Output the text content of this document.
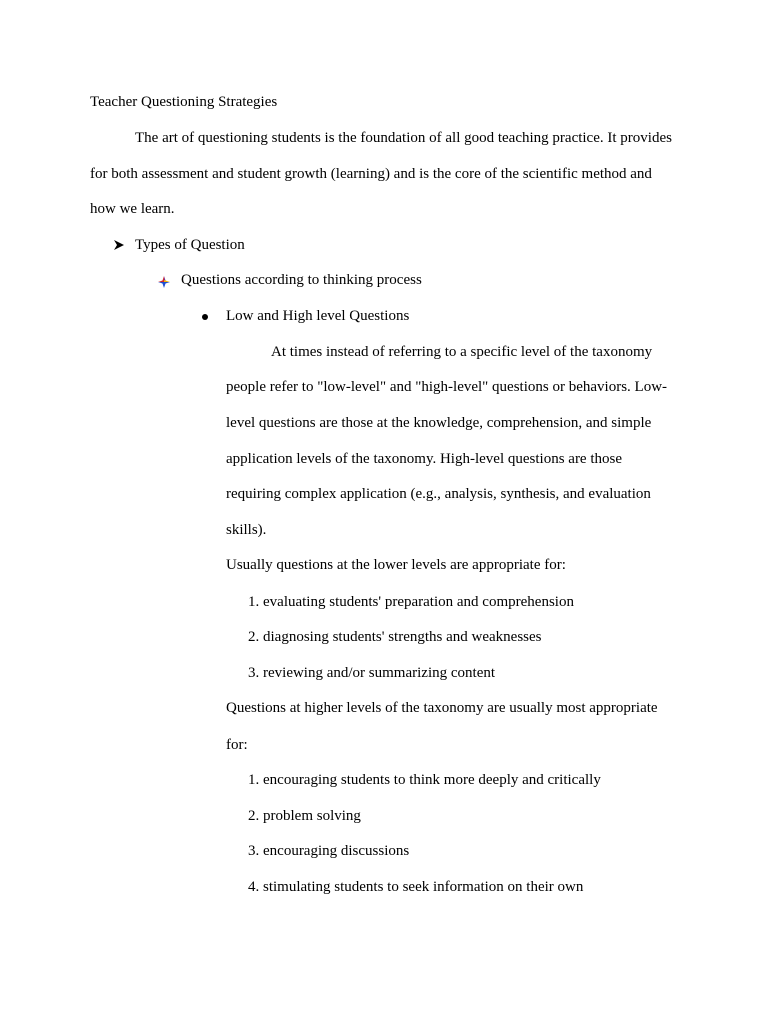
Teacher Questioning Strategies
The art of questioning students is the foundation of all good teaching practice. It provides
for both assessment and student growth (learning) and is the core of the scientific method and
how we learn.
Types of Question
Questions according to thinking process
Low and High level Questions
At times instead of referring to a specific level of the taxonomy
people refer to "low-level" and "high-level" questions or behaviors. Low-
level questions are those at the knowledge, comprehension, and simple
application levels of the taxonomy. High-level questions are those
requiring complex application (e.g., analysis, synthesis, and evaluation
skills).
Usually questions at the lower levels are appropriate for:
1. evaluating students' preparation and comprehension
2. diagnosing students' strengths and weaknesses
3. reviewing and/or summarizing content
Questions at higher levels of the taxonomy are usually most appropriate
for:
1. encouraging students to think more deeply and critically
2. problem solving
3. encouraging discussions
4. stimulating students to seek information on their own
